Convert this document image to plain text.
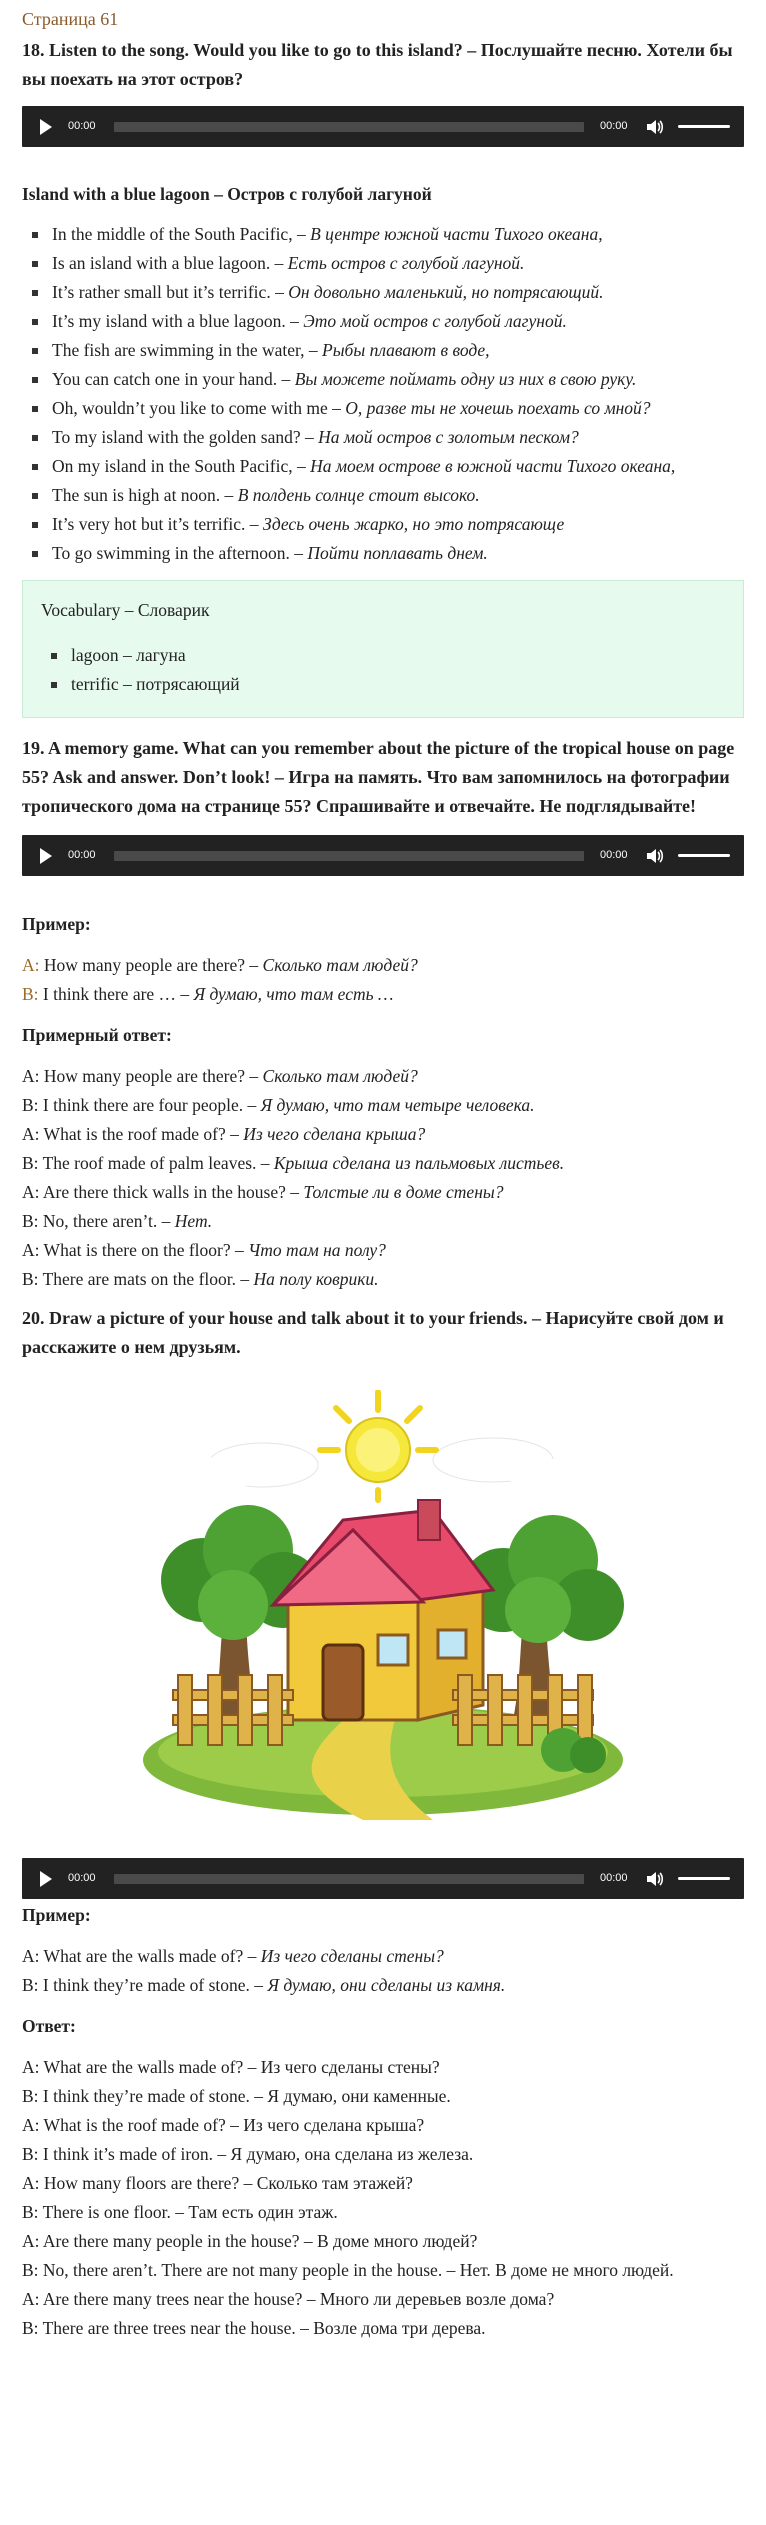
Страница 61
18. Listen to the song. Would you like to go to this island? – Послушайте песню. Хотели бы вы поехать на этот остров?
00:00	00:00
Island with a blue lagoon – Остров с голубой лагуной
In the middle of the South Pacific, – В центре южной части Тихого океана,
Is an island with a blue lagoon. – Есть остров с голубой лагуной.
It’s rather small but it’s terrific. – Он довольно маленький, но потрясающий.
It’s my island with a blue lagoon. – Это мой остров с голубой лагуной.
The fish are swimming in the water, – Рыбы плавают в воде,
You can catch one in your hand. – Вы можете поймать одну из них в свою руку.
Oh, wouldn’t you like to come with me – О, разве ты не хочешь поехать со мной?
To my island with the golden sand? – На мой остров с золотым песком?
On my island in the South Pacific, – На моем острове в южной части Тихого океана,
The sun is high at noon. – В полдень солнце стоит высоко.
It’s very hot but it’s terrific. – Здесь очень жарко, но это потрясающе
To go swimming in the afternoon. – Пойти поплавать днем.
Vocabulary – Словарик
lagoon – лагуна
terrific – потрясающий
19. A memory game. What can you remember about the picture of the tropical house on page 55? Ask and answer. Don’t look! – Игра на память. Что вам запомнилось на фотографии тропического дома на странице 55? Спрашивайте и отвечайте. Не подглядывайте!
00:00	00:00
Пример:
A: How many people are there? – Сколько там людей?
B: I think there are … – Я думаю, что там есть …
Примерный ответ:
A: How many people are there? – Сколько там людей?
B: I think there are four people. – Я думаю, что там четыре человека.
A: What is the roof made of? – Из чего сделана крыша?
B: The roof made of palm leaves. – Крыша сделана из пальмовых листьев.
A: Are there thick walls in the house? – Толстые ли в доме стены?
B: No, there aren’t. – Нет.
A: What is there on the floor? – Что там на полу?
B: There are mats on the floor. – На полу коврики.
20. Draw a picture of your house and talk about it to your friends. – Нарисуйте свой дом и расскажите о нем друзьям.
00:00	00:00
Пример:
A: What are the walls made of? – Из чего сделаны стены?
B: I think they’re made of stone. – Я думаю, они сделаны из камня.
Ответ:
A: What are the walls made of? – Из чего сделаны стены?
B: I think they’re made of stone. – Я думаю, они каменные.
A: What is the roof made of? – Из чего сделана крыша?
B: I think it’s made of iron. – Я думаю, она сделана из железа.
A: How many floors are there? – Сколько там этажей?
B: There is one floor. – Там есть один этаж.
A: Are there many people in the house? – В доме много людей?
B: No, there aren’t. There are not many people in the house. – Нет. В доме не много людей.
A: Are there many trees near the house? – Много ли деревьев возле дома?
B: There are three trees near the house. – Возле дома три дерева.
